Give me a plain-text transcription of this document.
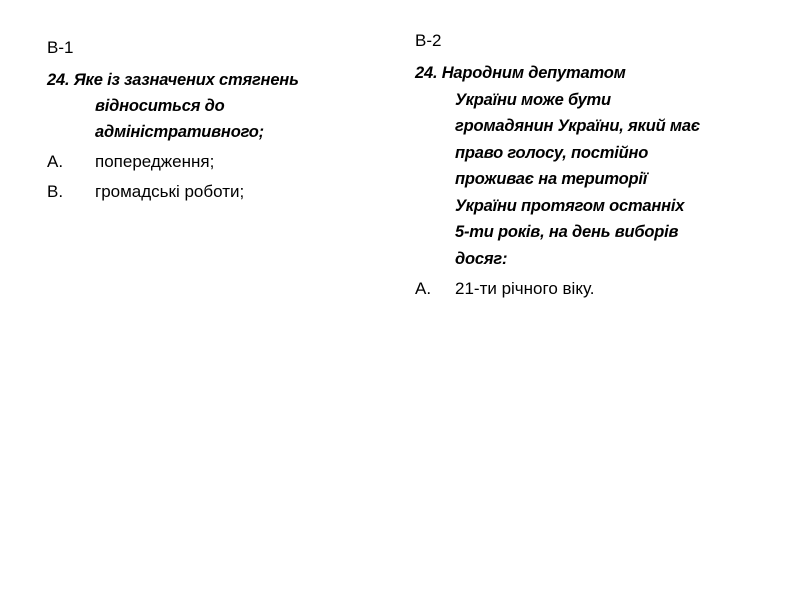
В-1
24. Яке із зазначених стягнень
відноситься до
адміністративного;
А.	попередження;
В.	громадські роботи;
В-2
24. Народним депутатом
України може бути
громадянин України, який має
право голосу, постійно
проживає на території
України протягом останніх
5-ти років, на день виборів
досяг:
А.	21-ти річного віку.
